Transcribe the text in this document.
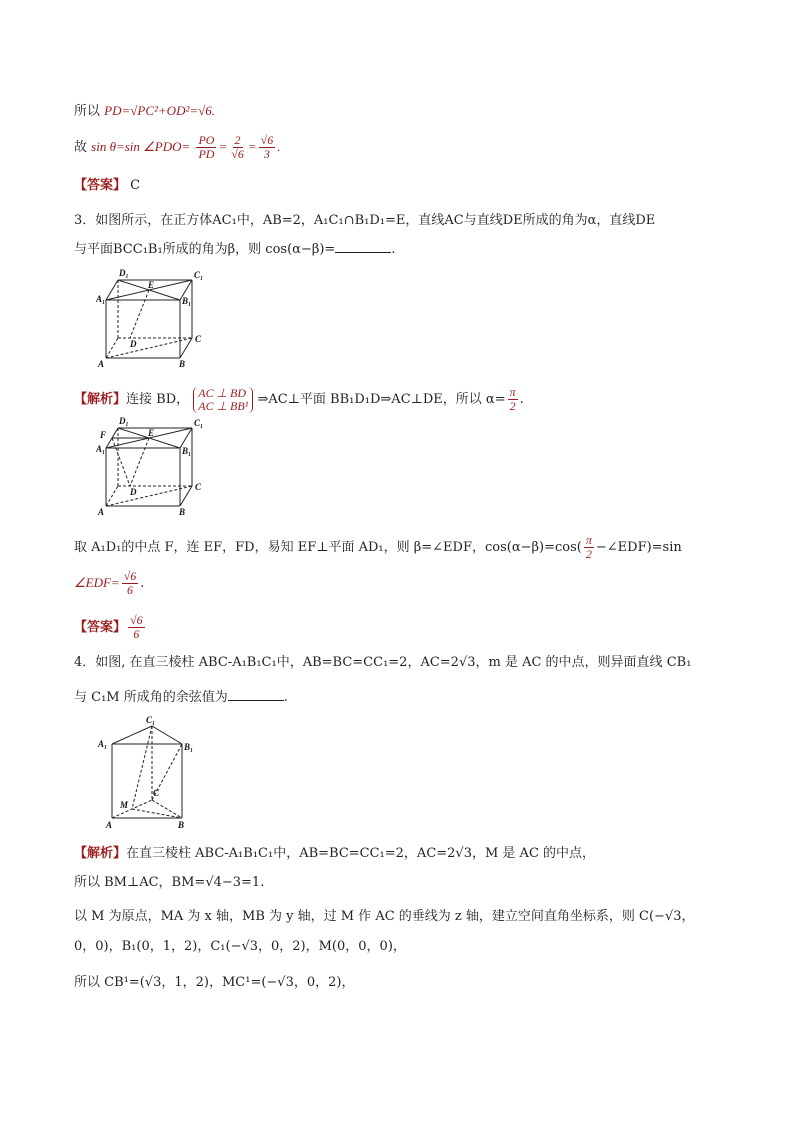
所以 PD=√PC²+OD²=√6.
故 sin θ=sin ∠PDO= $\frac{PO}{PD} = \frac{2}{√6} = \frac{√6}{3}$ .
【答案】 C
3．如图所示，在正方体AC₁中，AB=2，A₁C₁∩B₁D₁=E，直线AC与直线DE所成的角为α，直线DE
与平面BCC₁B₁所成的角为β，则 cos(α−β)=	.
D₁	C₁
A₁
E
B₁
D	C
A	B
【解析】连接 BD， AC ⊥ BD
AC ⊥ BB¹ ⇒AC⊥平面 BB₁D₁D⇒AC⊥DE，所以 $\alpha= \frac{\pi}{2}$ .
F
D₁
E
C₁
A₁	B₁
D	C
A	B
取 A₁D₁的中点 F，连 EF，FD，易知 EF⊥平面 AD₁，则 β=∠EDF，$\cos(\alpha-\beta)=\cos( \frac{\pi}{2}$ −∠EDF)=sin
∠EDF= $\frac{√6}{6}$ .
【答案】 $\frac{√6}{6}$
4．如图, 在直三棱柱 ABC-A₁B₁C₁中，AB=BC=CC₁=2，AC=2√3，m 是 AC 的中点，则异面直线 CB₁
与 C₁M 所成角的余弦值为	.
C₁
A₁	B₁
M
C
A	B
【解析】在直三棱柱 ABC-A₁B₁C₁中，AB=BC=CC₁=2，AC=2√3，M 是 AC 的中点，
所以 BM⊥AC，BM=√4−3=1.
以 M 为原点，MA 为 x 轴，MB 为 y 轴，过 M 作 AC 的垂线为 z 轴，建立空间直角坐标系，则 C(−√3，
0，0)，B₁(0，1，2)，C₁(−√3，0，2)，M(0，0，0)，
所以 CB¹=(√3，1，2)，MC¹=(−√3，0，2)，
